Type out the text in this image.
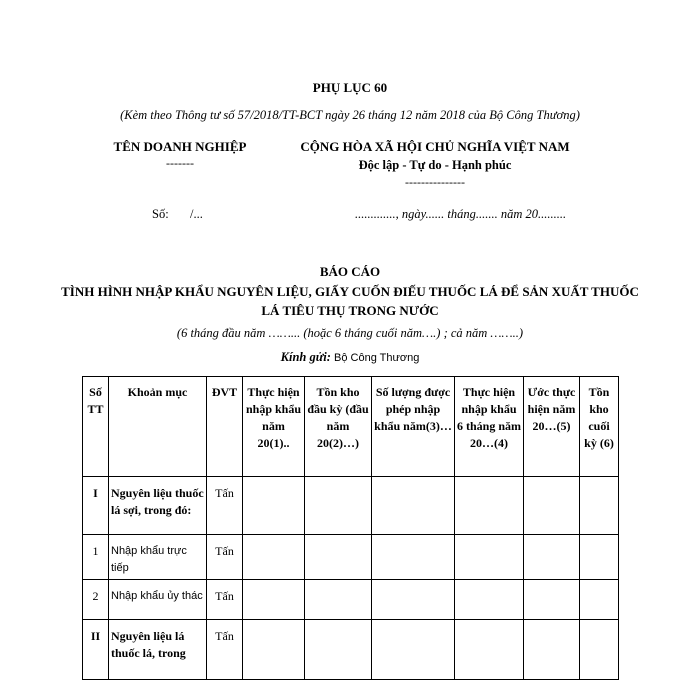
PHỤ LỤC 60
(Kèm theo Thông tư số 57/2018/TT-BCT ngày 26 tháng 12 năm 2018 của Bộ Công Thương)
TÊN DOANH NGHIỆP
-------
CỘNG HÒA XÃ HỘI CHỦ NGHĨA VIỆT NAM
Độc lập - Tự do - Hạnh phúc
---------------
Số: /...	............., ngày...... tháng....... năm 20.........
BÁO CÁO
TÌNH HÌNH NHẬP KHẨU NGUYÊN LIỆU, GIẤY CUỐN ĐIẾU THUỐC LÁ ĐỂ SẢN XUẤT THUỐC LÁ TIÊU THỤ TRONG NƯỚC
(6 tháng đầu năm ……... (hoặc 6 tháng cuối năm….) ; cả năm ……..)
Kính gửi: Bộ Công Thương
Số TT	Khoản mục	ĐVT	Thực hiện nhập khẩu năm 20(1)..	Tồn kho đầu kỳ (đầu năm 20(2)…)	Số lượng được phép nhập khẩu năm(3)…	Thực hiện nhập khẩu 6 tháng năm 20…(4)	Ước thực hiện năm 20…(5)	Tồn kho cuối kỳ (6)
I	Nguyên liệu thuốc lá sợi, trong đó:	Tấn						
1	Nhập khẩu trực tiếp	Tấn						
2	Nhập khẩu ủy thác	Tấn						
II	Nguyên liệu lá thuốc lá, trong	Tấn						
